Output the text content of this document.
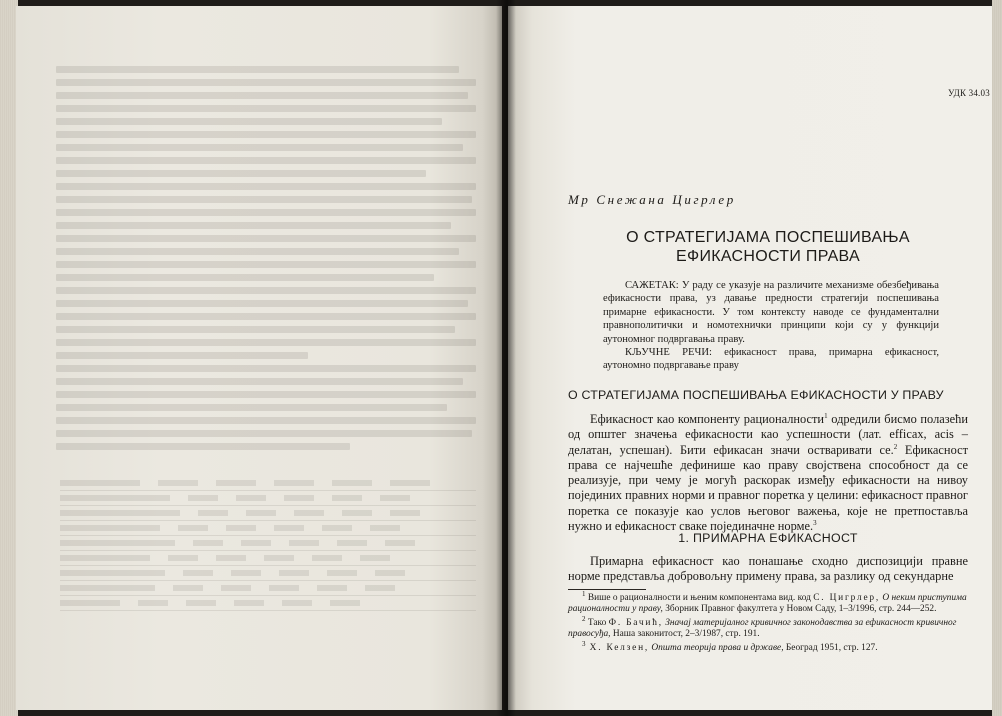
УДК 34.03
Мр Снежана Цигрлер
О СТРАТЕГИЈАМА ПОСПЕШИВАЊА
ЕФИКАСНОСТИ ПРАВА

САЖЕТАК: У раду се указује на различите механизме обезбеђивања ефикасности права, уз давање предности стратегији поспешивања примарне ефикасности. У том контексту наводе се фундаментални правнополитички и номотехнички принципи који су у функцији аутономног подвргавања праву.

КЉУЧНЕ РЕЧИ: ефикасност права, примарна ефикасност, аутономно подвргавање праву

О СТРАТЕГИЈАМА ПОСПЕШИВАЊА ЕФИКАСНОСТИ У ПРАВУ

Ефикасност као компоненту рационалности$^1$ одредили бисмо полазећи од општег значења ефикасности као успешности (лат. efficax, acis – делатан, успешан). Бити ефикасан значи остваривати се.$^2$ Ефикасност права се најчешће дефинише као праву својствена способност да се реализује, при чему је могућ раскорак између ефикасности на нивоу појединих правних норми и правног поретка у целини: ефикасност правног поретка се показује као услов његовог важења, које не претпоставља нужно и ефикасност сваке појединачне норме.$^3$

1. ПРИМАРНА ЕФИКАСНОСТ

Примарна ефикасност као понашање сходно диспозицији правне норме представља добровољну примену права, за разлику од секундарне

$^1$ Више о рационалности и њеним компонентама вид. код С. Цигрлер, О неким приступима рационалности у праву, Зборник Правног факултета у Новом Саду, 1–3/1996, стр. 244—252.

$^2$ Тако Ф. Бачић, Значај материјалног кривичног законодавства за ефикасност кривичног правосуђа, Наша законитост, 2–3/1987, стр. 191.

$^3$ Х. Келзен, Општа теорија права и државе, Београд 1951, стр. 127.
